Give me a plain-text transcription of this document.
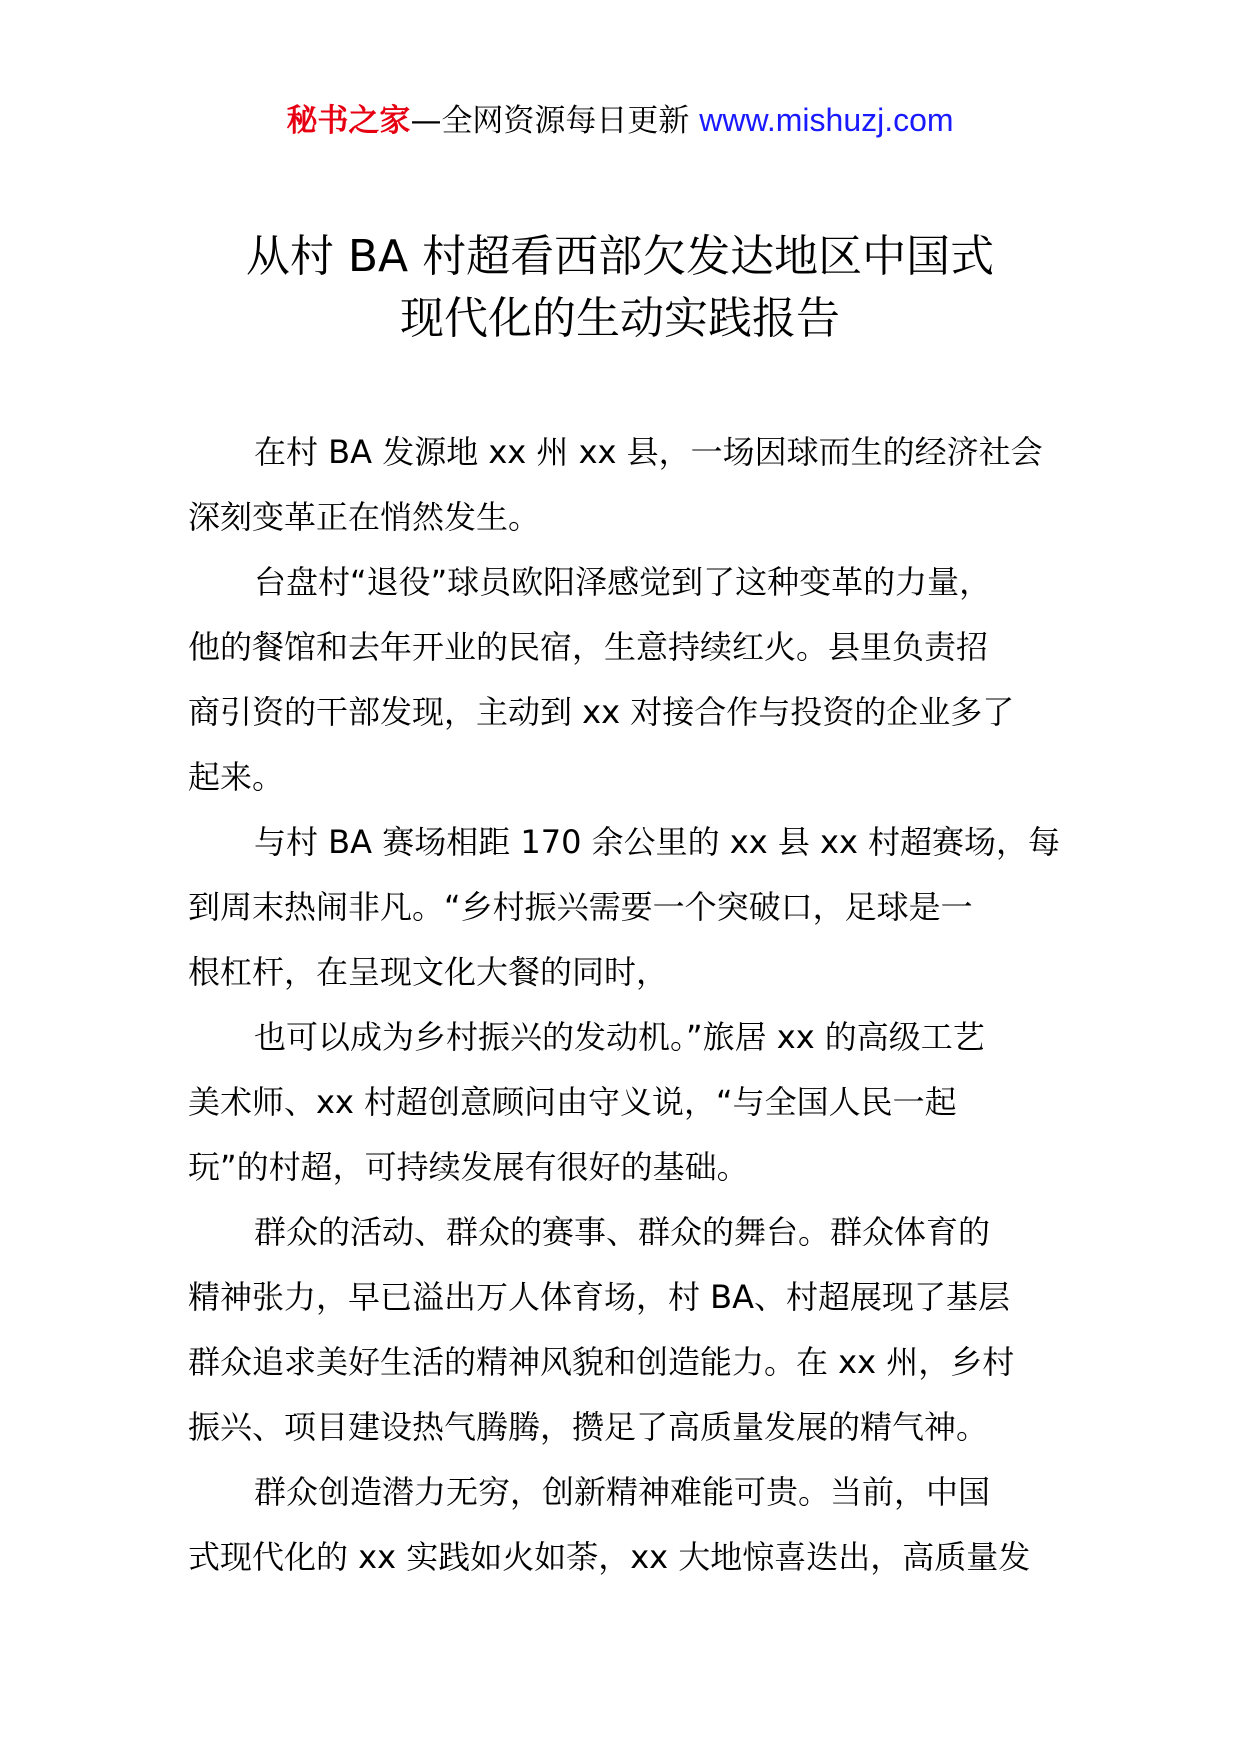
秘书之家—全网资源每日更新 www.mishuzj.com
从村 BA 村超看西部欠发达地区中国式
现代化的生动实践报告
在村 BA 发源地 xx 州 xx 县，一场因球而生的经济社会
深刻变革正在悄然发生。
台盘村“退役”球员欧阳泽感觉到了这种变革的力量，
他的餐馆和去年开业的民宿，生意持续红火。县里负责招
商引资的干部发现，主动到 xx 对接合作与投资的企业多了
起来。
与村 BA 赛场相距 170 余公里的 xx 县 xx 村超赛场，每
到周末热闹非凡。“乡村振兴需要一个突破口，足球是一
根杠杆，在呈现文化大餐的同时，
也可以成为乡村振兴的发动机。”旅居 xx 的高级工艺
美术师、xx 村超创意顾问由守义说，“与全国人民一起
玩”的村超，可持续发展有很好的基础。
群众的活动、群众的赛事、群众的舞台。群众体育的
精神张力，早已溢出万人体育场，村 BA、村超展现了基层
群众追求美好生活的精神风貌和创造能力。在 xx 州，乡村
振兴、项目建设热气腾腾，攒足了高质量发展的精气神。
群众创造潜力无穷，创新精神难能可贵。当前，中国
式现代化的 xx 实践如火如荼，xx 大地惊喜迭出，高质量发
